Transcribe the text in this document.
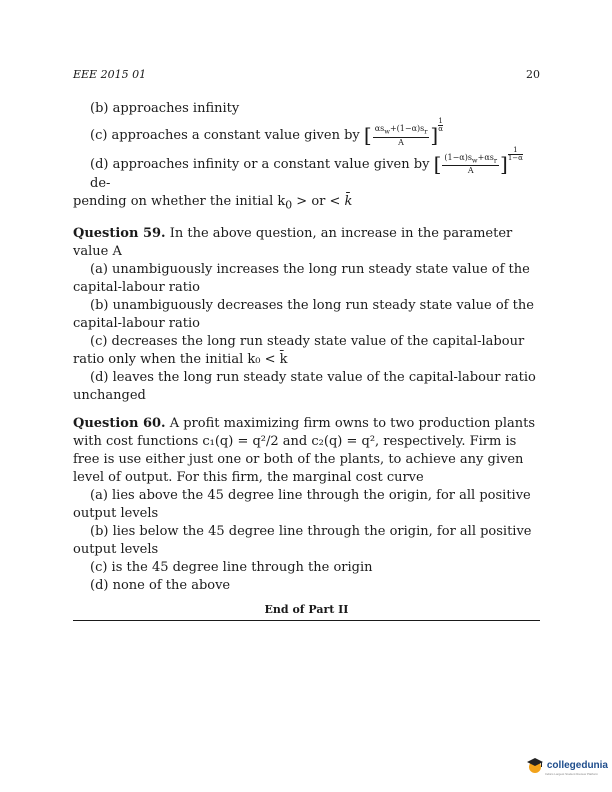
EEE 2015 01	20
(b) approaches infinity
(c) approaches a constant value given by [ $\frac{\alpha s_w+(1-\alpha)s_r}{A}$ ] $\frac{1}{\alpha}$
(d) approaches infinity or a constant value given by [ $\frac{(1-\alpha)s_w+\alpha s_r}{A}$ ] $\frac{1}{1-\alpha} de-$
pending on whether the initial $k_0$ > or < k̄
Question 59. In the above question, an increase in the parameter value A
(a) unambiguously increases the long run steady state value of the capital-labour ratio
(b) unambiguously decreases the long run steady state value of the capital-labour ratio
(c) decreases the long run steady state value of the capital-labour ratio only when the initial k₀ < k̄
(d) leaves the long run steady state value of the capital-labour ratio unchanged
Question 60. A profit maximizing firm owns to two production plants with cost functions c₁(q) = q²/2 and c₂(q) = q², respectively. Firm is free is use either just one or both of the plants, to achieve any given level of output. For this firm, the marginal cost curve
(a) lies above the 45 degree line through the origin, for all positive output levels
(b) lies below the 45 degree line through the origin, for all positive output levels
(c) is the 45 degree line through the origin
(d) none of the above
End of Part II
collegedunia
India's Largest Student Review Platform
